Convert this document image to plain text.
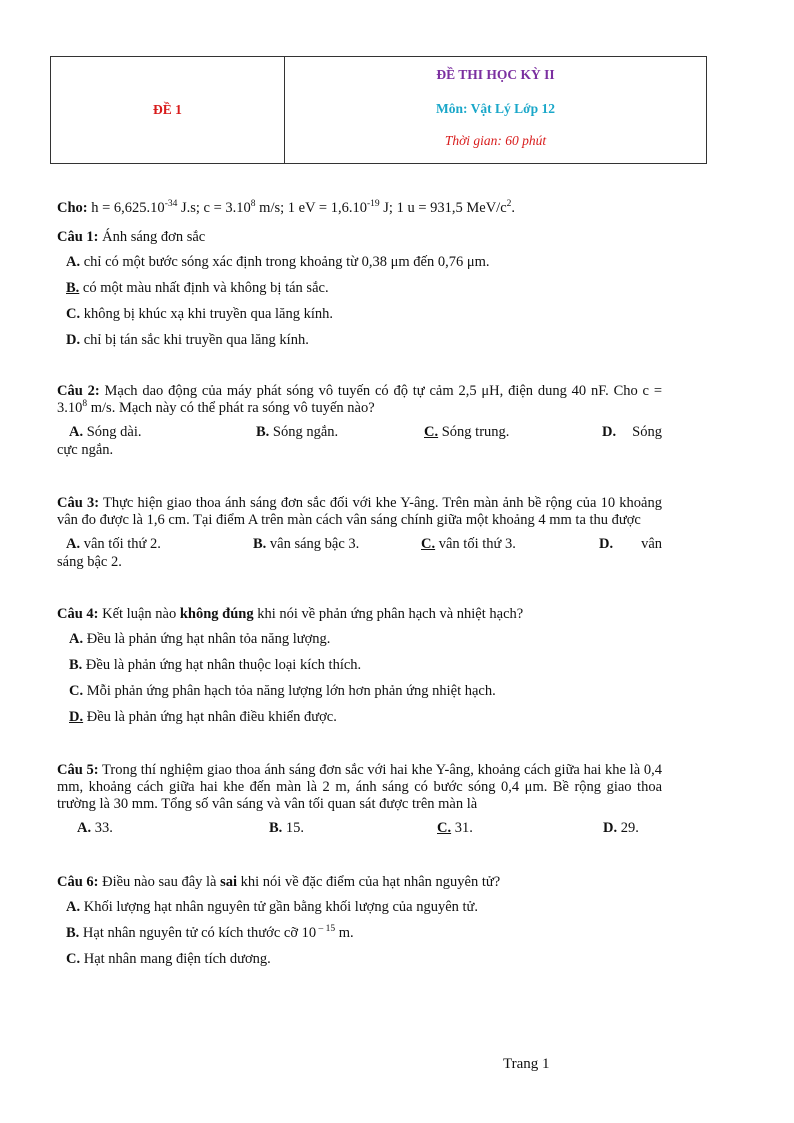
ĐỀ 1
ĐỀ THI HỌC KỲ II
Môn: Vật Lý Lớp 12
Thời gian: 60 phút
Cho: $h = 6,625.10^{-34}$ J.s; $c = 3.10^8$ m/s; 1 eV = $1,6.10^{-19}$ J; 1 u = 931,5 MeV/$c^2$.
Câu 1: Ánh sáng đơn sắc
A. chỉ có một bước sóng xác định trong khoảng từ 0,38 μm đến 0,76 μm.
B. có một màu nhất định và không bị tán sắc.
C. không bị khúc xạ khi truyền qua lăng kính.
D. chỉ bị tán sắc khi truyền qua lăng kính.
Câu 2: Mạch dao động của máy phát sóng vô tuyến có độ tự cảm 2,5 μH, điện dung 40 nF. Cho $c = 3.10^8$ m/s. Mạch này có thể phát ra sóng vô tuyến nào?
A. Sóng dài.	B. Sóng ngắn.	C. Sóng trung.	D. Sóng
cực ngắn.
Câu 3: Thực hiện giao thoa ánh sáng đơn sắc đối với khe Y-âng. Trên màn ảnh bề rộng của 10 khoảng vân đo được là 1,6 cm. Tại điểm A trên màn cách vân sáng chính giữa một khoảng 4 mm ta thu được
A. vân tối thứ 2.	B. vân sáng bậc 3.	C. vân tối thứ 3.	D. vân
sáng bậc 2.
Câu 4: Kết luận nào không đúng khi nói về phản ứng phân hạch và nhiệt hạch?
A. Đều là phản ứng hạt nhân tỏa năng lượng.
B. Đều là phản ứng hạt nhân thuộc loại kích thích.
C. Mỗi phản ứng phân hạch tỏa năng lượng lớn hơn phản ứng nhiệt hạch.
D. Đều là phản ứng hạt nhân điều khiển được.
Câu 5: Trong thí nghiệm giao thoa ánh sáng đơn sắc với hai khe Y-âng, khoảng cách giữa hai khe là 0,4 mm, khoảng cách giữa hai khe đến màn là 2 m, ánh sáng có bước sóng 0,4 μm. Bề rộng giao thoa trường là 30 mm. Tổng số vân sáng và vân tối quan sát được trên màn là
A. 33.	B. 15.	C. 31.	D. 29.
Câu 6: Điều nào sau đây là sai khi nói về đặc điểm của hạt nhân nguyên tử?
A. Khối lượng hạt nhân nguyên tử gần bằng khối lượng của nguyên tử.
B. Hạt nhân nguyên tử có kích thước cỡ 10 $^{- 15}$ m.
C. Hạt nhân mang điện tích dương.
Trang 1
